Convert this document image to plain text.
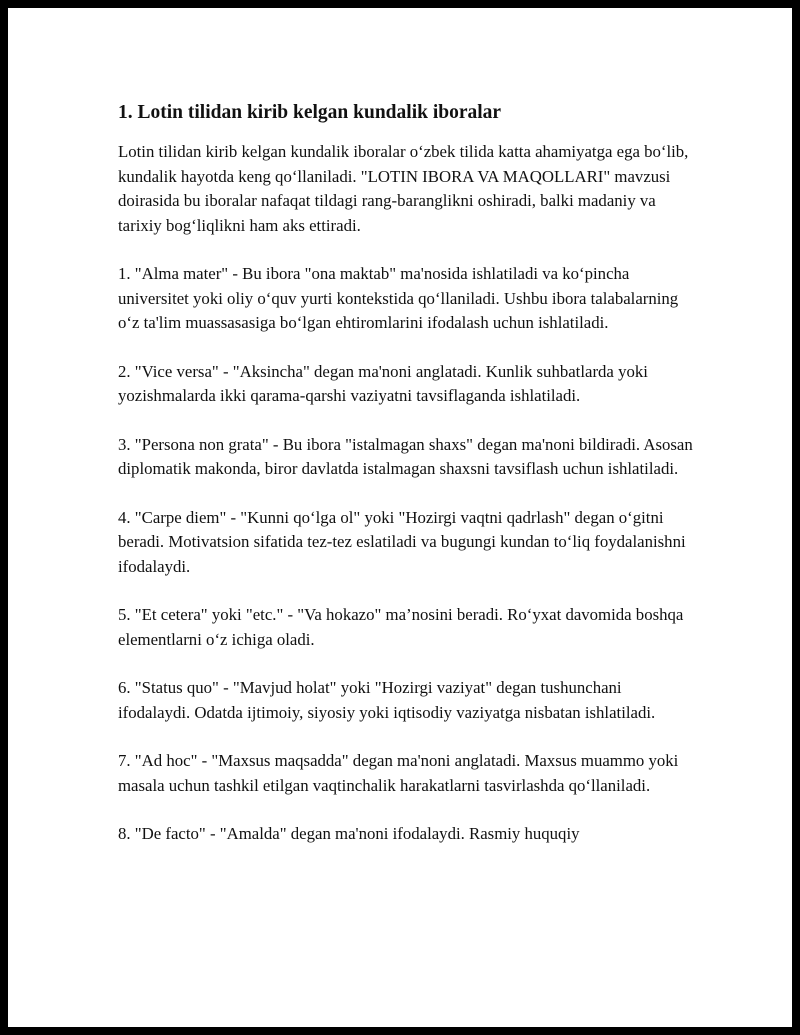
1. Lotin tilidan kirib kelgan kundalik iboralar

Lotin tilidan kirib kelgan kundalik iboralar o‘zbek tilida katta ahamiyatga ega bo‘lib, kundalik hayotda keng qo‘llaniladi. "LOTIN IBORA VA MAQOLLARI" mavzusi doirasida bu iboralar nafaqat tildagi rang-baranglikni oshiradi, balki madaniy va tarixiy bog‘liqlikni ham aks ettiradi.

1. "Alma mater" - Bu ibora "ona maktab" ma'nosida ishlatiladi va ko‘pincha universitet yoki oliy o‘quv yurti kontekstida qo‘llaniladi. Ushbu ibora talabalarning o‘z ta'lim muassasasiga bo‘lgan ehtiromlarini ifodalash uchun ishlatiladi.

2. "Vice versa" - "Aksincha" degan ma'noni anglatadi. Kunlik suhbatlarda yoki yozishmalarda ikki qarama-qarshi vaziyatni tavsiflaganda ishlatiladi.

3. "Persona non grata" - Bu ibora "istalmagan shaxs" degan ma'noni bildiradi. Asosan diplomatik makonda, biror davlatda istalmagan shaxsni tavsiflash uchun ishlatiladi.

4. "Carpe diem" - "Kunni qo‘lga ol" yoki "Hozirgi vaqtni qadrlash" degan o‘gitni beradi. Motivatsion sifatida tez-tez eslatiladi va bugungi kundan to‘liq foydalanishni ifodalaydi.

5. "Et cetera" yoki "etc." - "Va hokazo" ma’nosini beradi. Ro‘yxat davomida boshqa elementlarni o‘z ichiga oladi.

6. "Status quo" - "Mavjud holat" yoki "Hozirgi vaziyat" degan tushunchani ifodalaydi. Odatda ijtimoiy, siyosiy yoki iqtisodiy vaziyatga nisbatan ishlatiladi.

7. "Ad hoc" - "Maxsus maqsadda" degan ma'noni anglatadi. Maxsus muammo yoki masala uchun tashkil etilgan vaqtinchalik harakatlarni tasvirlashda qo‘llaniladi.

8. "De facto" - "Amalda" degan ma'noni ifodalaydi. Rasmiy huquqiy
